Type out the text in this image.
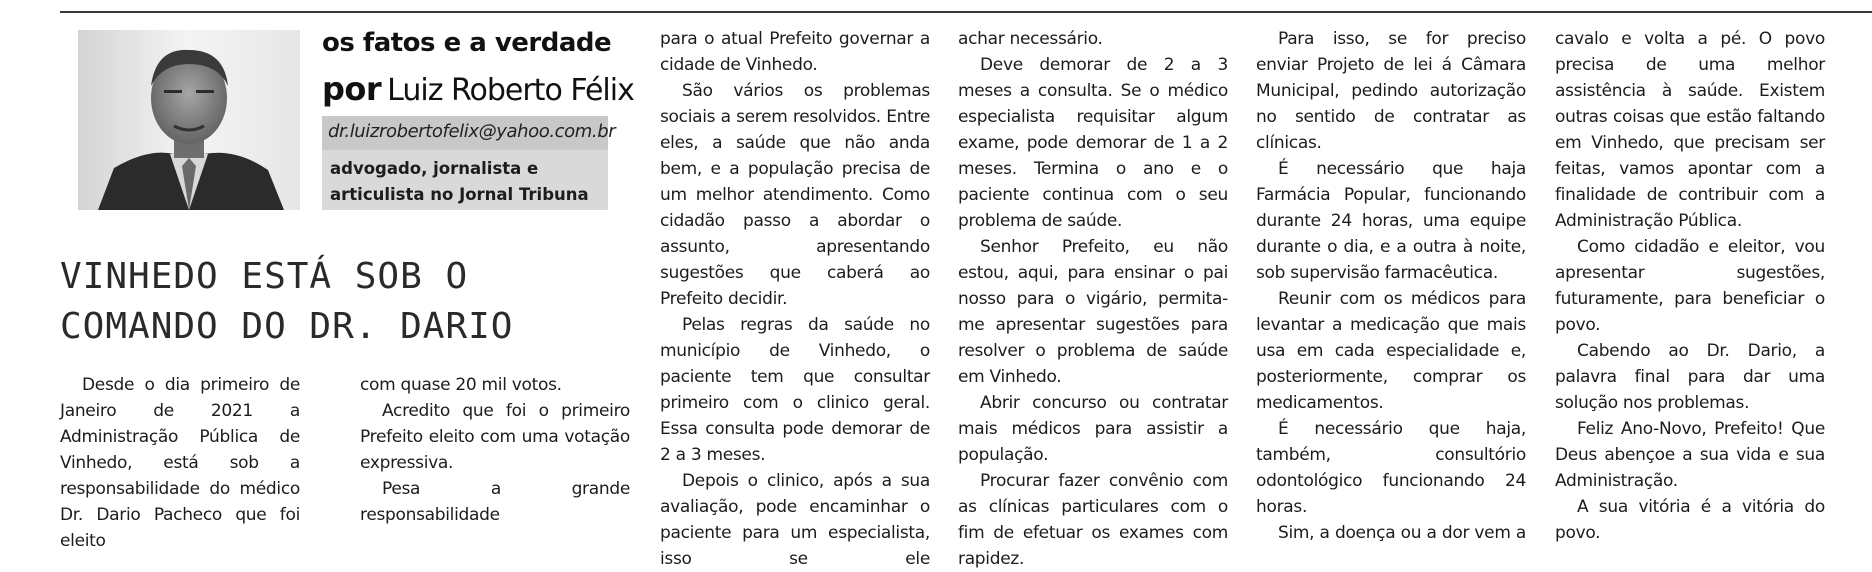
os fatos e a verdade
por Luiz Roberto Félix
dr.luizrobertofelix@yahoo.com.br
advogado, jornalista e articulista no Jornal Tribuna
VINHEDO ESTÁ SOB O COMANDO DO DR. DARIO

Desde o dia primeiro de Janeiro de 2021 a Administração Pública de Vinhedo, está sob a responsabilidade do médico Dr. Dario Pacheco que foi eleito

com quase 20 mil votos.

Acredito que foi o primeiro Prefeito eleito com uma votação expressiva.

Pesa a grande responsabilidade

para o atual Prefeito governar a cidade de Vinhedo.

São vários os problemas sociais a serem resolvidos. Entre eles, a saúde que não anda bem, e a população precisa de um melhor atendimento. Como cidadão passo a abordar o assunto, apresentando sugestões que caberá ao Prefeito decidir.

Pelas regras da saúde no município de Vinhedo, o paciente tem que consultar primeiro com o clinico geral. Essa consulta pode demorar de 2 a 3 meses.

Depois o clinico, após a sua avaliação, pode encaminhar o paciente para um especialista, isso se ele

achar necessário.

Deve demorar de 2 a 3 meses a consulta. Se o médico especialista requisitar algum exame, pode demorar de 1 a 2 meses. Termina o ano e o paciente continua com o seu problema de saúde.

Senhor Prefeito, eu não estou, aqui, para ensinar o pai nosso para o vigário, permita-me apresentar sugestões para resolver o problema de saúde em Vinhedo.

Abrir concurso ou contratar mais médicos para assistir a população.

Procurar fazer convênio com as clínicas particulares com o fim de efetuar os exames com rapidez.

Para isso, se for preciso enviar Projeto de lei á Câmara Municipal, pedindo autorização no sentido de contratar as clínicas.

É necessário que haja Farmácia Popular, funcionando durante 24 horas, uma equipe durante o dia, e a outra à noite, sob supervisão farmacêutica.

Reunir com os médicos para levantar a medicação que mais usa em cada especialidade e, posteriormente, comprar os medicamentos.

É necessário que haja, também, consultório odontológico funcionando 24 horas.

Sim, a doença ou a dor vem a

cavalo e volta a pé. O povo precisa de uma melhor assistência à saúde. Existem outras coisas que estão faltando em Vinhedo, que precisam ser feitas, vamos apontar com a finalidade de contribuir com a Administração Pública.

Como cidadão e eleitor, vou apresentar sugestões, futuramente, para beneficiar o povo.

Cabendo ao Dr. Dario, a palavra final para dar uma solução nos problemas.

Feliz Ano-Novo, Prefeito! Que Deus abençoe a sua vida e sua Administração.

A sua vitória é a vitória do povo.
